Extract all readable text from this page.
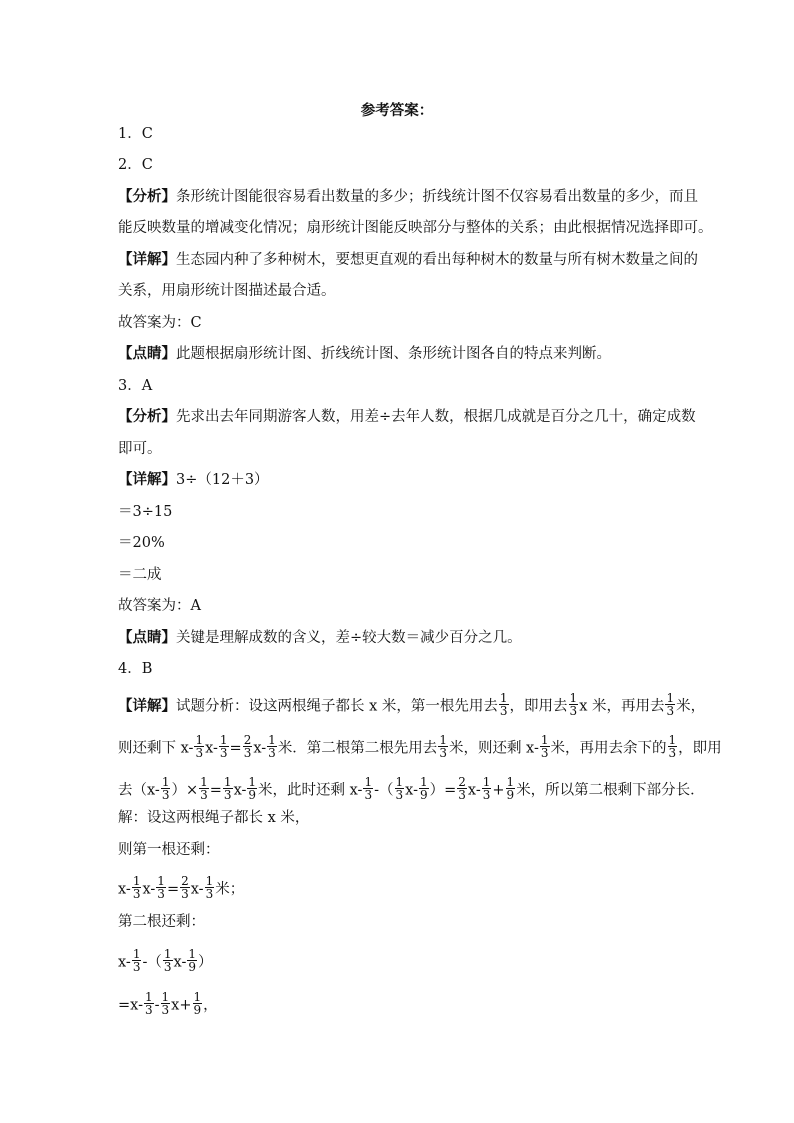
参考答案：
1．C
2．C
【分析】条形统计图能很容易看出数量的多少；折线统计图不仅容易看出数量的多少，而且
能反映数量的增减变化情况；扇形统计图能反映部分与整体的关系；由此根据情况选择即可。
【详解】生态园内种了多种树木，要想更直观的看出每种树木的数量与所有树木数量之间的
关系，用扇形统计图描述最合适。
故答案为：C
【点睛】此题根据扇形统计图、折线统计图、条形统计图各自的特点来判断。
3．A
【分析】先求出去年同期游客人数，用差÷去年人数，根据几成就是百分之几十，确定成数
即可。
【详解】3÷（12＋3）
＝3÷15
＝20%
＝二成
故答案为：A
【点睛】关键是理解成数的含义，差÷较大数＝减少百分之几。
4．B
【详解】试题分析：设这两根绳子都长 x 米，第一根先用去 $\frac{1}{3}$ ，即用去 $\frac{1}{3}$ x 米，再用去 $\frac{1}{3}$ 米，
则还剩下 $x- \frac{1}{3} x- \frac{1}{3} = \frac{2}{3} x- \frac{1}{3}$ 米．第二根第二根先用去 $\frac{1}{3}$ 米，则还剩 $x- \frac{1}{3}$ 米，再用去余下的 $\frac{1}{3}$ ，即用
去（$x- \frac{1}{3}$ ）× $\frac{1}{3} = \frac{1}{3} x- \frac{1}{9}$ 米，此时还剩 $x- \frac{1}{3}$ -（ $\frac{1}{3} x- \frac{1}{9}$ ）= $\frac{2}{3} x- \frac{1}{3} + \frac{1}{9}$ 米，所以第二根剩下部分长．
解：设这两根绳子都长 x 米，
则第一根还剩：
$x- \frac{1}{3} x- \frac{1}{3} = \frac{2}{3} x- \frac{1}{3}$ 米；
第二根还剩：
$x- \frac{1}{3}$ -（ $\frac{1}{3} x- \frac{1}{9}$ ）
$=x- \frac{1}{3} - \frac{1}{3} x+ \frac{1}{9}$ ，
